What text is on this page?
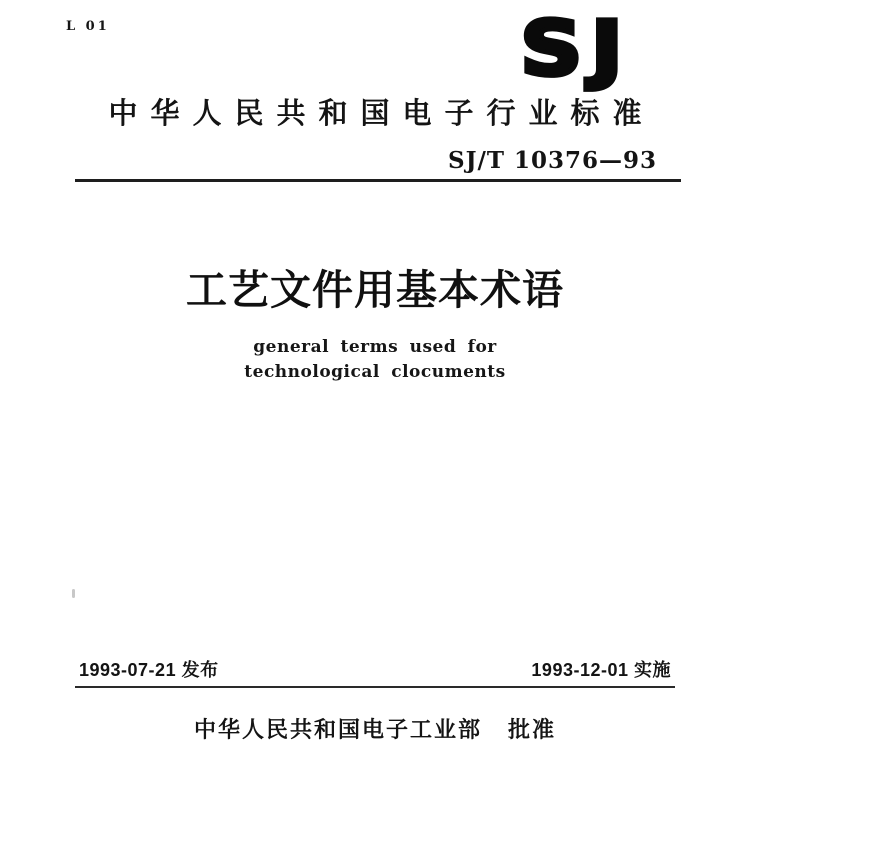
L 01	SJ
中华人民共和国电子行业标准
SJ/T 10376—93
工艺文件用基本术语
general terms used for
technological clocuments
1993-07-21 发布	1993-12-01 实施
中华人民共和国电子工业部 批准
